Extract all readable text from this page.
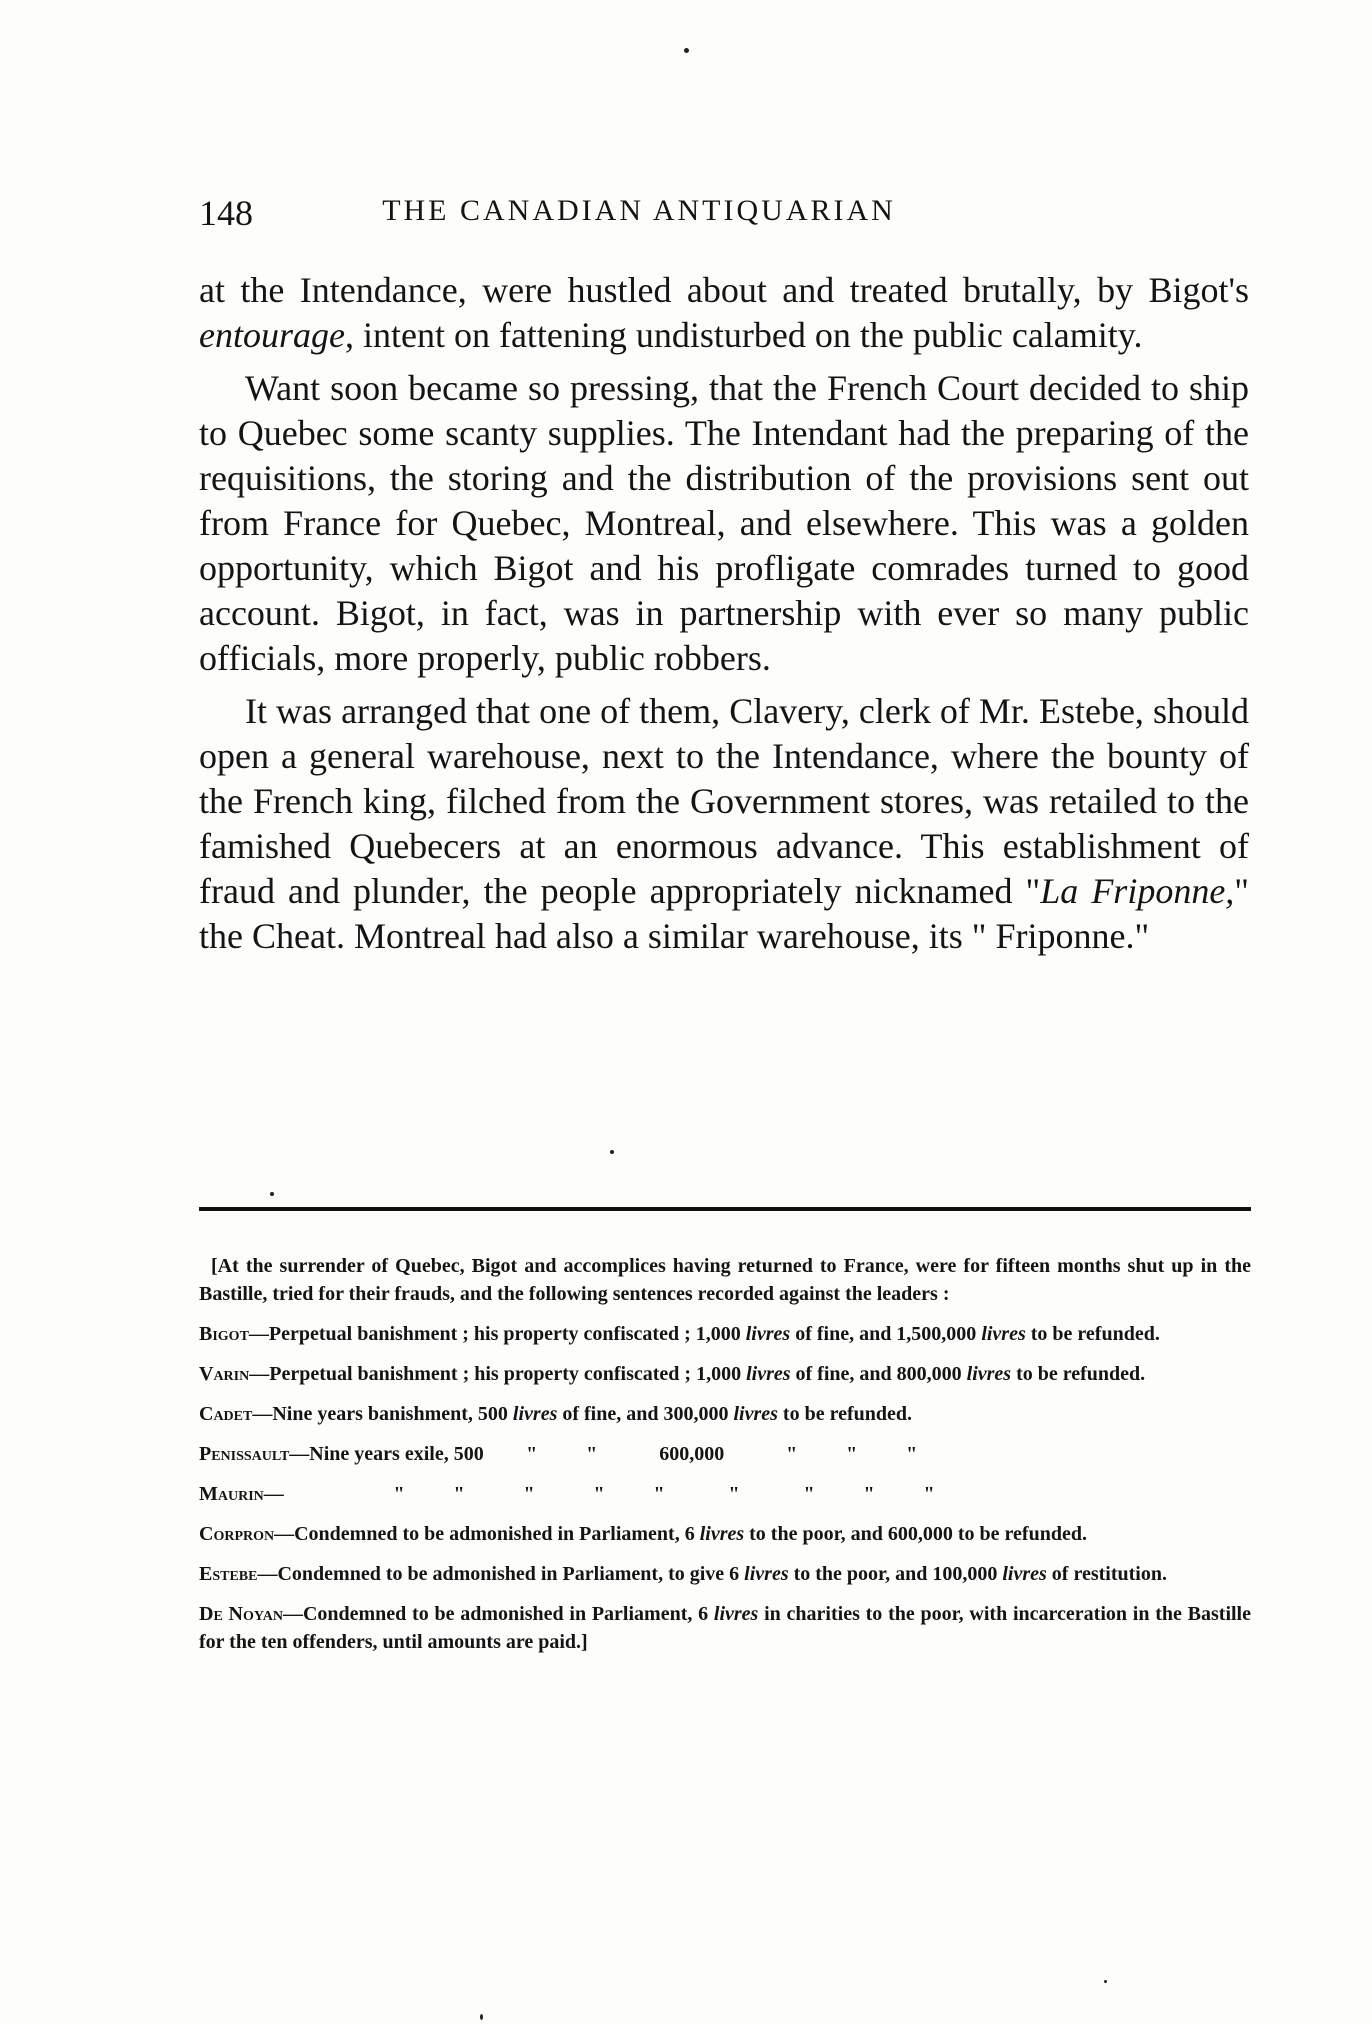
148	THE CANADIAN ANTIQUARIAN

at the Intendance, were hustled about and treated brutally, by Bigot's entourage, intent on fattening undisturbed on the public calamity.

Want soon became so pressing, that the French Court decided to ship to Quebec some scanty supplies. The Intendant had the preparing of the requisitions, the storing and the distribution of the provisions sent out from France for Quebec, Montreal, and elsewhere. This was a golden opportunity, which Bigot and his profligate comrades turned to good account. Bigot, in fact, was in partnership with ever so many public officials, more properly, public robbers.

It was arranged that one of them, Clavery, clerk of Mr. Estebe, should open a general warehouse, next to the Intendance, where the bounty of the French king, filched from the Government stores, was retailed to the famished Quebecers at an enormous advance. This establishment of fraud and plunder, the people appropriately nicknamed "La Friponne," the Cheat. Montreal had also a similar warehouse, its " Friponne."

[At the surrender of Quebec, Bigot and accomplices having returned to France, were for fifteen months shut up in the Bastille, tried for their frauds, and the following sentences recorded against the leaders :

Bigot—Perpetual banishment ; his property confiscated ; 1,000 livres of fine, and 1,500,000 livres to be refunded.

Varin—Perpetual banishment ; his property confiscated ; 1,000 livres of fine, and 800,000 livres to be refunded.

Cadet—Nine years banishment, 500 livres of fine, and 300,000 livres to be refunded.

Penissault —Nine years exile, 500	"	"	600,000	"	"	"
Maurin—	"	"	"	"	"	"	"	"	"

Corpron—Condemned to be admonished in Parliament, 6 livres to the poor, and 600,000 to be refunded.

Estebe—Condemned to be admonished in Parliament, to give 6 livres to the poor, and 100,000 livres of restitution.

De Noyan—Condemned to be admonished in Parliament, 6 livres in charities to the poor, with incarceration in the Bastille for the ten offenders, until amounts are paid.]
